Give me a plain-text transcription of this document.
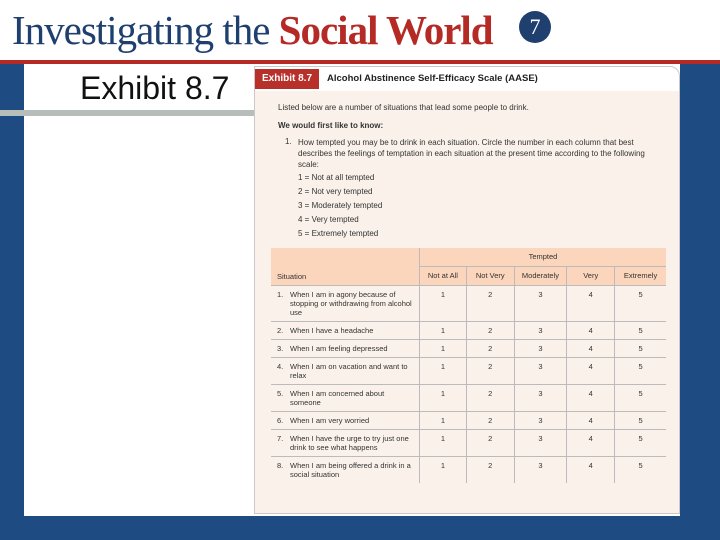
Investigating the Social World	7
Exhibit 8.7	Exhibit 8.7	Alcohol Abstinence Self-Efficacy Scale (AASE)
Listed below are a number of situations that lead some people to drink.
We would first like to know:
1. How tempted you may be to drink in each situation. Circle the number in each column that best describes the feelings of temptation in each situation at the present time according to the following scale:
1 = Not at all tempted
2 = Not very tempted
3 = Moderately tempted
4 = Very tempted
5 = Extremely tempted
	Tempted				
Situation	Not at All	Not Very	Moderately	Very	Extremely
1. When I am in agony because of stopping or withdrawing from alcohol use	1	2	3	4	5
2. When I have a headache	1	2	3	4	5
3. When I am feeling depressed	1	2	3	4	5
4. When I am on vacation and want to relax	1	2	3	4	5
5. When I am concerned about someone	1	2	3	4	5
6. When I am very worried	1	2	3	4	5
7. When I have the urge to try just one drink to see what happens	1	2	3	4	5
8. When I am being offered a drink in a social situation	1	2	3	4	5
